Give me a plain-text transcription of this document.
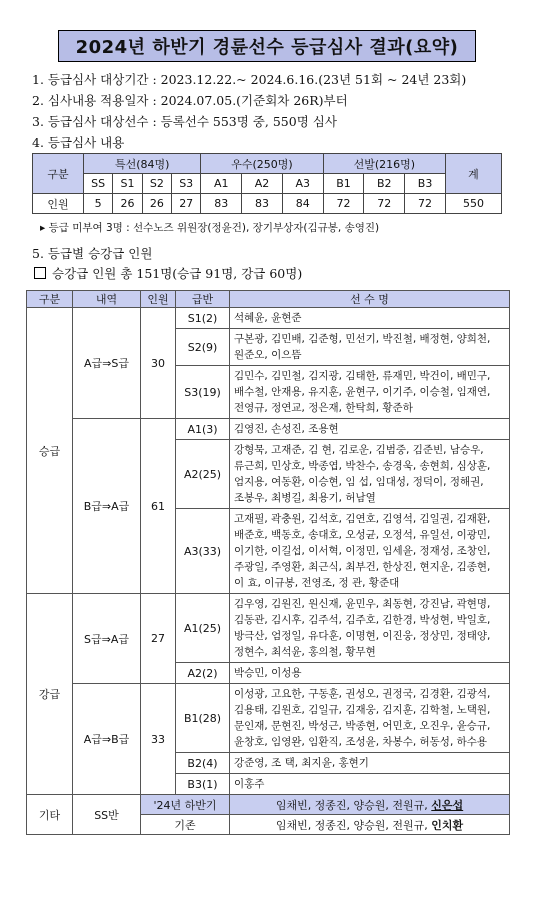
2024년 하반기 경륜선수 등급심사 결과(요약)
1. 등급심사 대상기간 : 2023.12.22.~ 2024.6.16.(23년 51회 ~ 24년 23회)
2. 심사내용 적용일자 : 2024.07.05.(기준회차 26R)부터
3. 등급심사 대상선수 : 등록선수 553명 중, 550명 심사
4. 등급심사 내용
구분	특선(84명)				우수(250명)			선발(216명)			계
	SS	S1	S2	S3	A1	A2	A3	B1	B2	B3	
인원	5	26	26	27	83	83	84	72	72	72	550
▸ 등급 미부여 3명 : 선수노즈 위원장(정윤건), 장기부상자(김규봉, 송영진)
5. 등급별 승강급 인원
승강급 인원 총 151명(승급 91명, 강급 60명)
구분	내역	인원	급반	선 수 명
승급	A급⇒S급	30	S1(2)	석혜윤, 윤현준
			S2(9)	구본광, 김민배, 김준형, 민선기, 박진철, 배정현, 양희천,
원준오, 이으뜸
			S3(19)	김민수, 김민철, 김지광, 김태한, 류재민, 박건이, 배민구,
배수철, 안재용, 유지훈, 윤현구, 이기주, 이승철, 임재연,
전영규, 정연교, 정은재, 한탁희, 황준하
	B급⇒A급	61	A1(3)	김영진, 손성진, 조용현
			A2(25)	강형묵, 고재준, 김 현, 김로운, 김범중, 김준빈, 남승우,
류근희, 민상호, 박종엽, 박찬수, 송경욱, 송현희, 심상훈,
엄지용, 여동환, 이승현, 임 섭, 임대성, 정덕이, 정해권,
조봉우, 최병길, 최용기, 허남열
			A3(33)	고재필, 곽충원, 김석호, 김연호, 김영석, 김일권, 김재환,
배준호, 백동호, 송대호, 오성균, 오정석, 유일선, 이광민,
이기한, 이길섭, 이서혁, 이정민, 임세윤, 정재성, 조창인,
주광일, 주영환, 최근식, 최부건, 한상진, 현지운, 김종현,
이 효, 이규봉, 전영조, 정 관, 황준대
강급	S급⇒A급	27	A1(25)	김우영, 김원진, 원신재, 윤민우, 최동현, 강진남, 곽현명,
김동관, 김시후, 김주석, 김주호, 김한경, 박성현, 박일호,
방극산, 엄정일, 유다훈, 이명현, 이진웅, 정상민, 정태양,
정현수, 최석윤, 홍의철, 황무현
			A2(2)	박승민, 이성용
	A급⇒B급	33	B1(28)	이성광, 고요한, 구동훈, 권성오, 권정국, 김경환, 김광석,
김용태, 김원호, 김일규, 김재웅, 김지훈, 김학철, 노택원,
문인재, 문현진, 박성근, 박종현, 어민호, 오진우, 윤승규,
윤창호, 임영완, 임환직, 조성윤, 차봉수, 허동성, 하수용
			B2(4)	강준영, 조 택, 최지윤, 홍현기
			B3(1)	이홍주
기타	SS반	'24년 하반기		임채빈, 정종진, 양승원, 전원규, 신은섭
		기존		임채빈, 정종진, 양승원, 전원규, 인치환
